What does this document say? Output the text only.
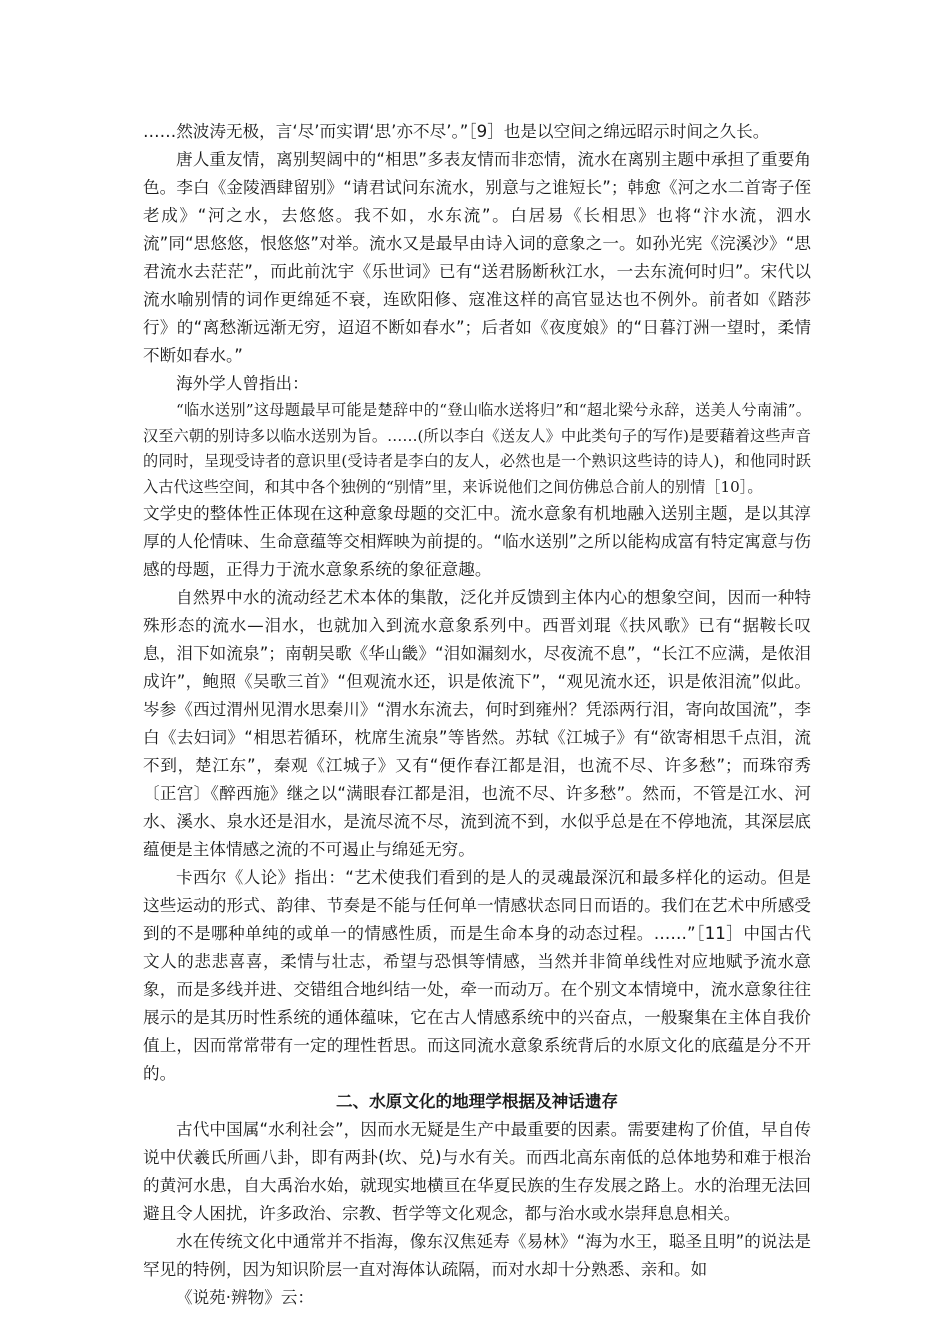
……然波涛无极，言‘尽’而实谓‘思’亦不尽’。”［9］也是以空间之绵远昭示时间之久长。

唐人重友情，离别契阔中的“相思”多表友情而非恋情，流水在离别主题中承担了重要角色。李白《金陵酒肆留别》“请君试问东流水，别意与之谁短长”；韩愈《河之水二首寄子侄老成》“河之水，去悠悠。我不如，水东流”。白居易《长相思》也将“汴水流，泗水流”同“思悠悠，恨悠悠”对举。流水又是最早由诗入词的意象之一。如孙光宪《浣溪沙》“思君流水去茫茫”，而此前沈宇《乐世词》已有“送君肠断秋江水，一去东流何时归”。宋代以流水喻别情的词作更绵延不衰，连欧阳修、寇准这样的高官显达也不例外。前者如《踏莎行》的“离愁渐远渐无穷，迢迢不断如春水”；后者如《夜度娘》的“日暮汀洲一望时，柔情不断如春水。”

海外学人曾指出：

“临水送别”这母题最早可能是楚辞中的“登山临水送将归”和“超北梁兮永辞，送美人兮南浦”。汉至六朝的别诗多以临水送别为旨。……(所以李白《送友人》中此类句子的写作)是要藉着这些声音的同时，呈现受诗者的意识里(受诗者是李白的友人，必然也是一个熟识这些诗的诗人)，和他同时跃入古代这些空间，和其中各个独例的“别情”里，来诉说他们之间仿佛总合前人的别情［10］。

文学史的整体性正体现在这种意象母题的交汇中。流水意象有机地融入送别主题，是以其淳厚的人伦情味、生命意蕴等交相辉映为前提的。“临水送别”之所以能构成富有特定寓意与伤感的母题，正得力于流水意象系统的象征意趣。

自然界中水的流动经艺术本体的集散，泛化并反馈到主体内心的想象空间，因而一种特殊形态的流水—泪水，也就加入到流水意象系列中。西晋刘琨《扶风歌》已有“据鞍长叹息，泪下如流泉”；南朝吴歌《华山畿》“泪如漏刻水，尽夜流不息”，“长江不应满，是侬泪成许”，鲍照《吴歌三首》“但观流水还，识是侬流下”，“观见流水还，识是侬泪流”似此。岑参《西过渭州见渭水思秦川》“渭水东流去，何时到雍州？凭添两行泪，寄向故国流”，李白《去妇词》“相思若循环，枕席生流泉”等皆然。苏轼《江城子》有“欲寄相思千点泪，流不到，楚江东”，秦观《江城子》又有“便作春江都是泪，也流不尽、许多愁”；而珠帘秀〔正宫〕《醉西施》继之以“满眼春江都是泪，也流不尽、许多愁”。然而，不管是江水、河水、溪水、泉水还是泪水，是流尽流不尽，流到流不到，水似乎总是在不停地流，其深层底蕴便是主体情感之流的不可遏止与绵延无穷。

卡西尔《人论》指出：“艺术使我们看到的是人的灵魂最深沉和最多样化的运动。但是这些运动的形式、韵律、节奏是不能与任何单一情感状态同日而语的。我们在艺术中所感受到的不是哪种单纯的或单一的情感性质，而是生命本身的动态过程。……”［11］中国古代文人的悲悲喜喜，柔情与壮志，希望与恐惧等情感，当然并非简单线性对应地赋予流水意象，而是多线并进、交错组合地纠结一处，牵一而动万。在个别文本情境中，流水意象往往展示的是其历时性系统的通体蕴味，它在古人情感系统中的兴奋点，一般聚集在主体自我价值上，因而常常带有一定的理性哲思。而这同流水意象系统背后的水原文化的底蕴是分不开的。

二、水原文化的地理学根据及神话遗存

古代中国属“水利社会”，因而水无疑是生产中最重要的因素。需要建构了价值，早自传说中伏羲氏所画八卦，即有两卦(坎、兑)与水有关。而西北高东南低的总体地势和难于根治的黄河水患，自大禹治水始，就现实地横亘在华夏民族的生存发展之路上。水的治理无法回避且令人困扰，许多政治、宗教、哲学等文化观念，都与治水或水崇拜息息相关。

水在传统文化中通常并不指海，像东汉焦延寿《易林》“海为水王，聪圣且明”的说法是罕见的特例，因为知识阶层一直对海体认疏隔，而对水却十分熟悉、亲和。如

《说苑·辨物》云：
